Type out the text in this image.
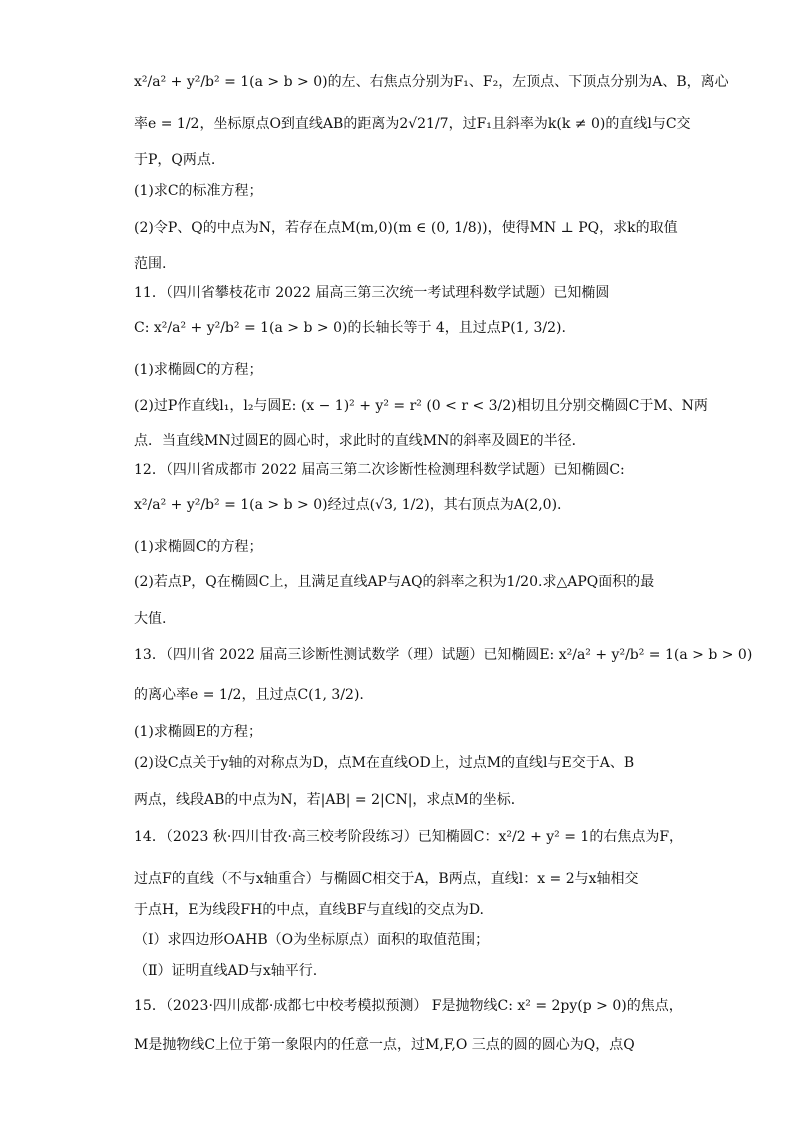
x²/a² + y²/b² = 1(a > b > 0)的左、右焦点分别为F₁、F₂，左顶点、下顶点分别为A、B，离心
率e = 1/2，坐标原点O到直线AB的距离为2√21/7，过F₁且斜率为k(k ≠ 0)的直线l与C交
于P，Q两点.
(1)求C的标准方程；
(2)令P、Q的中点为N，若存在点M(m,0)(m ∈ (0, 1/8))，使得MN ⊥ PQ，求k的取值
范围.
11．（四川省攀枝花市 2022 届高三第三次统一考试理科数学试题）已知椭圆
C: x²/a² + y²/b² = 1(a > b > 0)的长轴长等于 4，且过点P(1, 3/2).
(1)求椭圆C的方程；
(2)过P作直线l₁，l₂与圆E: (x − 1)² + y² = r² (0 < r < 3/2)相切且分别交椭圆C于M、N两
点．当直线MN过圆E的圆心时，求此时的直线MN的斜率及圆E的半径．
12．（四川省成都市 2022 届高三第二次诊断性检测理科数学试题）已知椭圆C:
x²/a² + y²/b² = 1(a > b > 0)经过点(√3, 1/2)，其右顶点为A(2,0).
(1)求椭圆C的方程；
(2)若点P，Q在椭圆C上，且满足直线AP与AQ的斜率之积为1/20.求△APQ面积的最
大值.
13．（四川省 2022 届高三诊断性测试数学（理）试题）已知椭圆E: x²/a² + y²/b² = 1(a > b > 0)
的离心率e = 1/2，且过点C(1, 3/2).
(1)求椭圆E的方程；
(2)设C点关于y轴的对称点为D，点M在直线OD上，过点M的直线l与E交于A、B
两点，线段AB的中点为N，若|AB| = 2|CN|，求点M的坐标．
14．（2023 秋·四川甘孜·高三校考阶段练习）已知椭圆C：x²/2 + y² = 1的右焦点为F，
过点F的直线（不与x轴重合）与椭圆C相交于A，B两点，直线l：x = 2与x轴相交
于点H，E为线段FH的中点，直线BF与直线l的交点为D.
（Ⅰ）求四边形OAHB（O为坐标原点）面积的取值范围；
（Ⅱ）证明直线AD与x轴平行.
15．（2023·四川成都·成都七中校考模拟预测） F是抛物线C: x² = 2py(p > 0)的焦点，
M是抛物线C上位于第一象限内的任意一点，过M,F,O 三点的圆的圆心为Q，点Q
